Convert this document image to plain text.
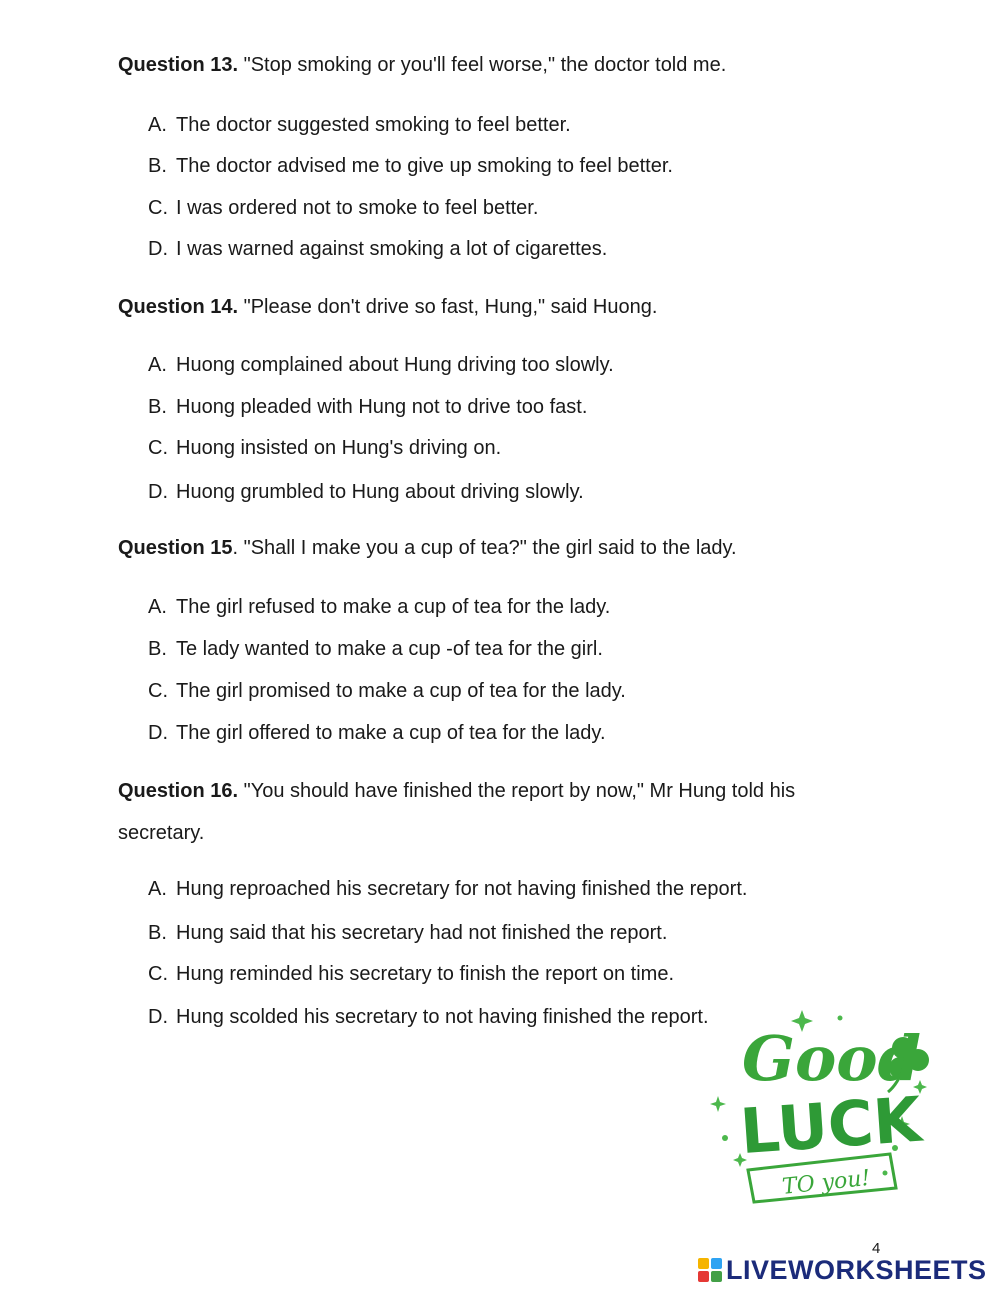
Question 13. "Stop smoking or you'll feel worse," the doctor told me.
A. The doctor suggested smoking to feel better.
B. The doctor advised me to give up smoking to feel better.
C. I was ordered not to smoke to feel better.
D. I was warned against smoking a lot of cigarettes.
Question 14. "Please don't drive so fast, Hung," said Huong.
A. Huong complained about Hung driving too slowly.
B. Huong pleaded with Hung not to drive too fast.
C. Huong insisted on Hung's driving on.
D. Huong grumbled to Hung about driving slowly.
Question 15. "Shall I make you a cup of tea?" the girl said to the lady.
A. The girl refused to make a cup of tea for the lady.
B. Te lady wanted to make a cup -of tea for the girl.
C. The girl promised to make a cup of tea for the lady.
D. The girl offered to make a cup of tea for the lady.
Question 16. "You should have finished the report by now," Mr Hung told his secretary.
A. Hung reproached his secretary for not having finished the report.
B. Hung said that his secretary had not finished the report.
C. Hung reminded his secretary to finish the report on time.
D. Hung scolded his secretary to not having finished the report.
Good
LUCK
TO you!
4
LIVEWORKSHEETS
